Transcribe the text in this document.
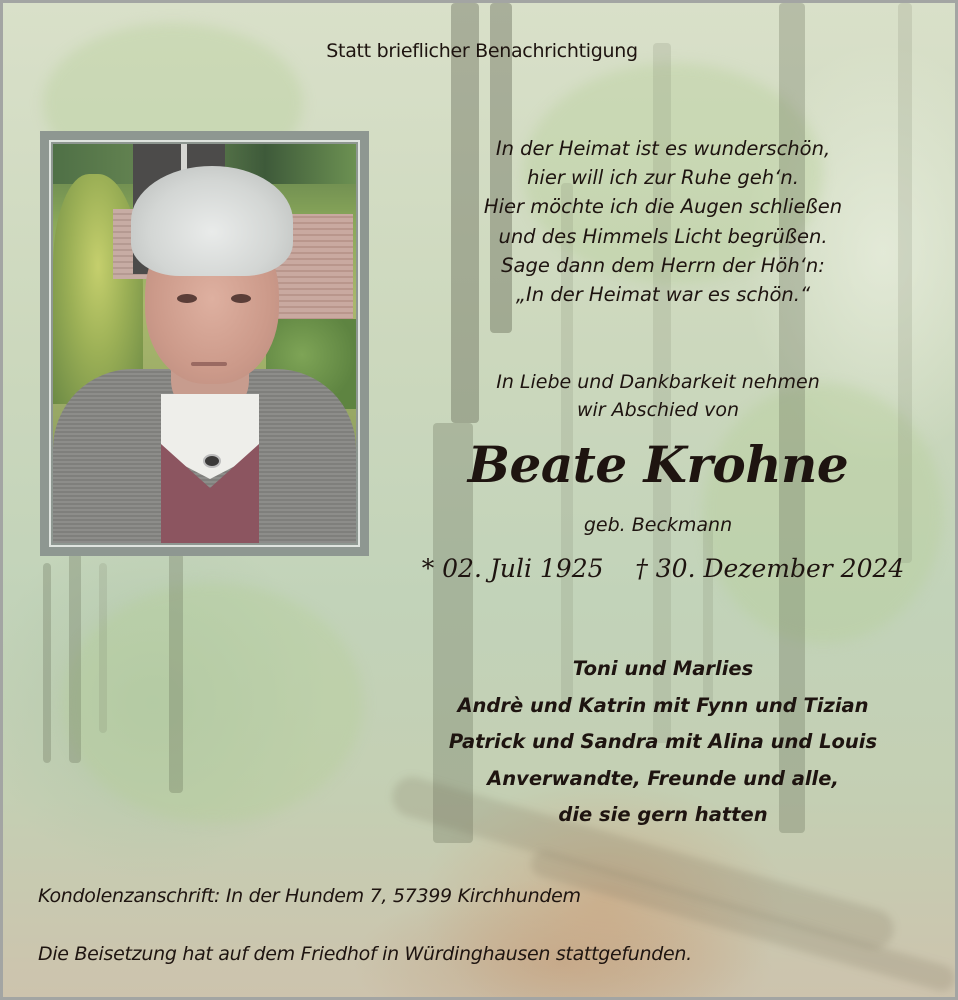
Statt brieflicher Benachrichtigung
In der Heimat ist es wunderschön,
hier will ich zur Ruhe geh‘n.
Hier möchte ich die Augen schließen
und des Himmels Licht begrüßen.
Sage dann dem Herrn der Höh‘n:
„In der Heimat war es schön.“
In Liebe und Dankbarkeit nehmen
wir Abschied von
Beate Krohne
geb. Beckmann
* 02. Juli 1925    † 30. Dezember 2024
Toni und Marlies
Andrè und Katrin mit Fynn und Tizian
Patrick und Sandra mit Alina und Louis
Anverwandte, Freunde und alle,
die sie gern hatten
Kondolenzanschrift: In der Hundem 7, 57399 Kirchhundem
Die Beisetzung hat auf dem Friedhof in Würdinghausen stattgefunden.
